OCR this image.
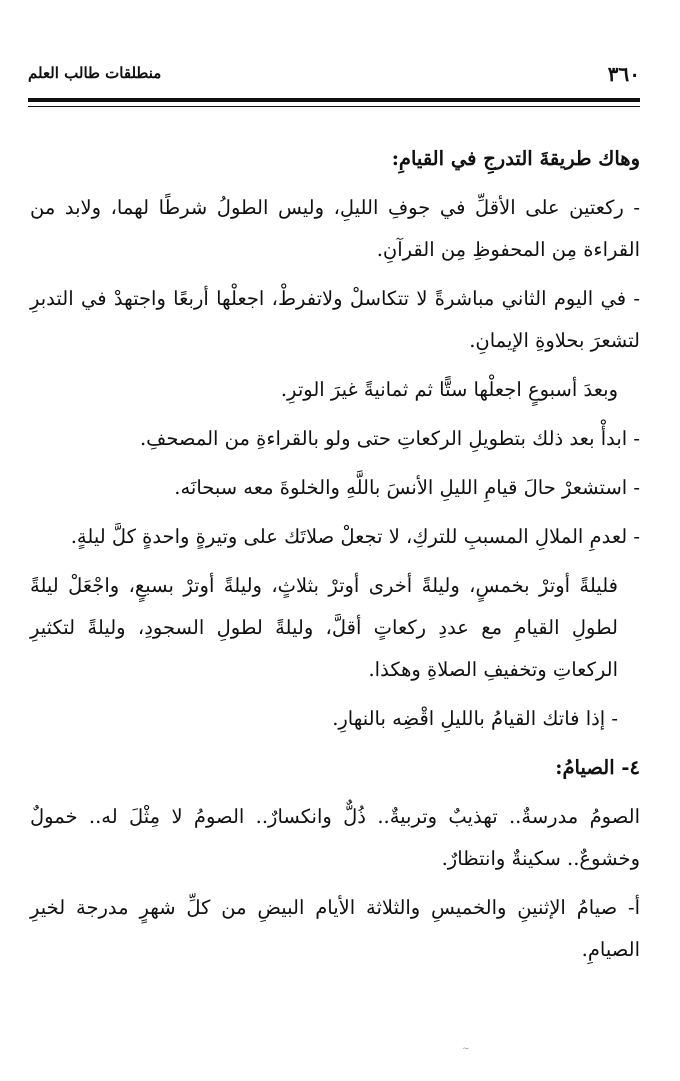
٣٦٠
منطلقات طالب العلم

وهاك طريقةَ التدرجِ في القيامِ:

- ركعتين على الأقلِّ في جوفِ الليلِ، وليس الطولُ شرطًا لهما، ولابد من القراءة مِن المحفوظِ مِن القرآنِ.

- في اليوم الثاني مباشرةً لا تتكاسلْ ولاتفرطْ، اجعلْها أربعًا واجتهدْ في التدبرِ لتشعرَ بحلاوةِ الإيمانِ.

وبعدَ أسبوعٍ اجعلْها ستًّا ثم ثمانيةً غيرَ الوترِ.

- ابدأْ بعد ذلك بتطويلِ الركعاتِ حتى ولو بالقراءةِ من المصحفِ.

- استشعرْ حالَ قيامِ الليلِ الأنسَ باللَّهِ والخلوةَ معه سبحانَه.

- لعدمِ الملالِ المسببِ للتركِ، لا تجعلْ صلاتَك على وتيرةٍ واحدةٍ كلَّ ليلةٍ.

فليلةً أوترْ بخمسٍ، وليلةً أخرى أوترْ بثلاثٍ، وليلةً أوترْ بسبعٍ، واجْعَلْ ليلةً لطولِ القيامِ مع عددِ ركعاتٍ أقلَّ، وليلةً لطولِ السجودِ، وليلةً لتكثيرِ الركعاتِ وتخفيفِ الصلاةِ وهكذا.

- إذا فاتك القيامُ بالليلِ اقْضِه بالنهارِ.

٤- الصيامُ:

الصومُ مدرسةٌ.. تهذيبٌ وتربيةٌ.. ذُلٌّ وانكسارٌ.. الصومُ لا مِثْلَ له.. خمولٌ وخشوعٌ.. سكينةٌ وانتظارٌ.

أ- صيامُ الإثنينِ والخميسِ والثلاثة الأيام البيضِ من كلِّ شهرٍ مدرجة لخيرِ الصيامِ.

~
